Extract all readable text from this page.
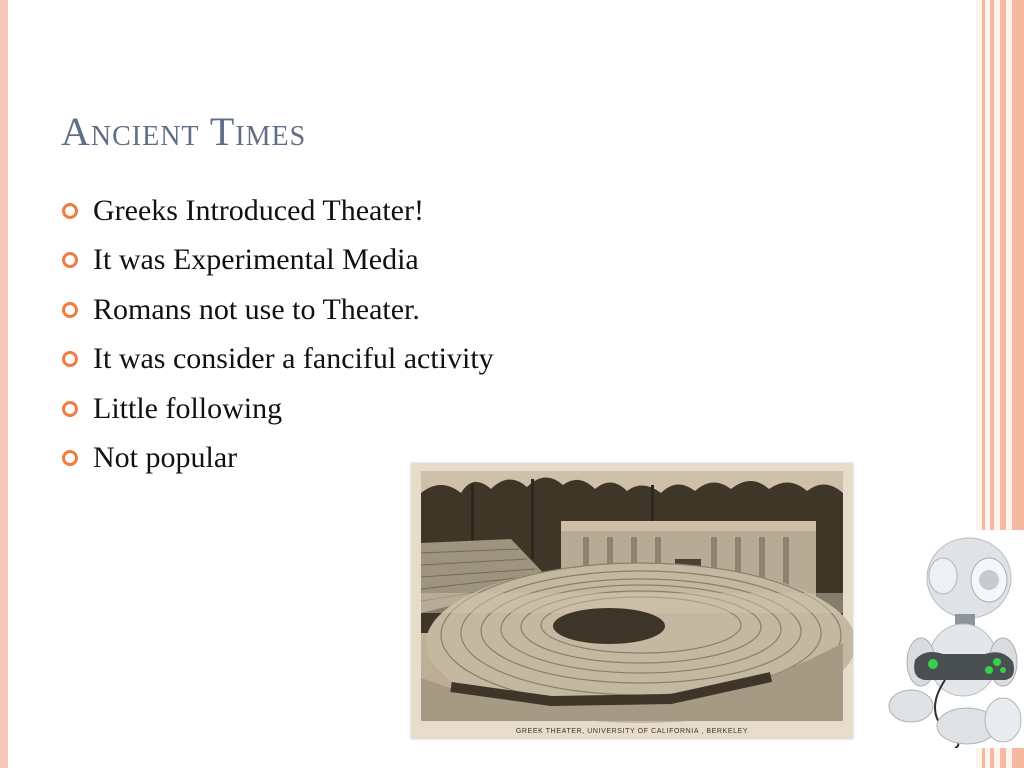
Ancient Times
Greeks Introduced Theater!
It was Experimental Media
Romans not use to Theater.
It was consider a fanciful activity
Little following
Not popular
GREEK THEATER, UNIVERSITY OF CALIFORNIA , BERKELEY
